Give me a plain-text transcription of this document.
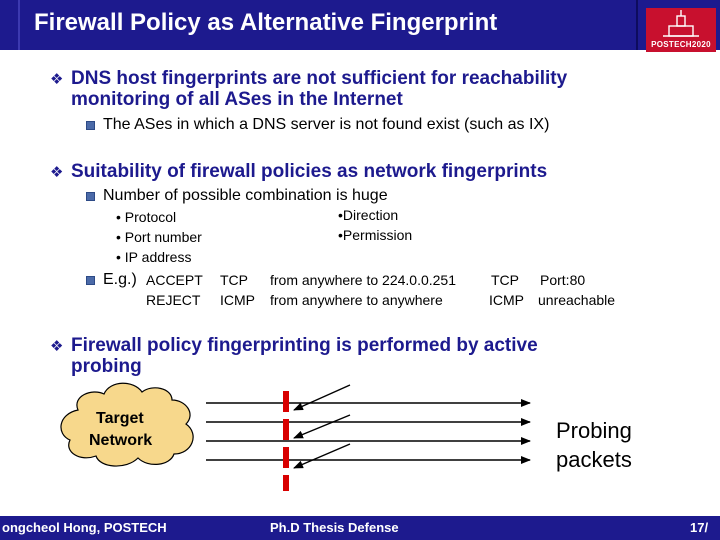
Firewall Policy as Alternative Fingerprint
POSTECH2020
❖ DNS host fingerprints are not sufficient for reachability
monitoring of all ASes in the Internet
The ASes in which a DNS server is not found exist (such as IX)
❖ Suitability of firewall policies as network fingerprints
Number of possible combination is huge
• Protocol
• Port number
• IP address
•Direction
•Permission
E.g.) ACCEPT TCP from anywhere to 224.0.0.251 TCP Port:80
REJECT ICMP from anywhere to anywhere	ICMP unreachable
❖ Firewall policy fingerprinting is performed by active
probing
Target
Network	Probing
packets
ongcheol Hong, POSTECH	Ph.D Thesis Defense	17/
